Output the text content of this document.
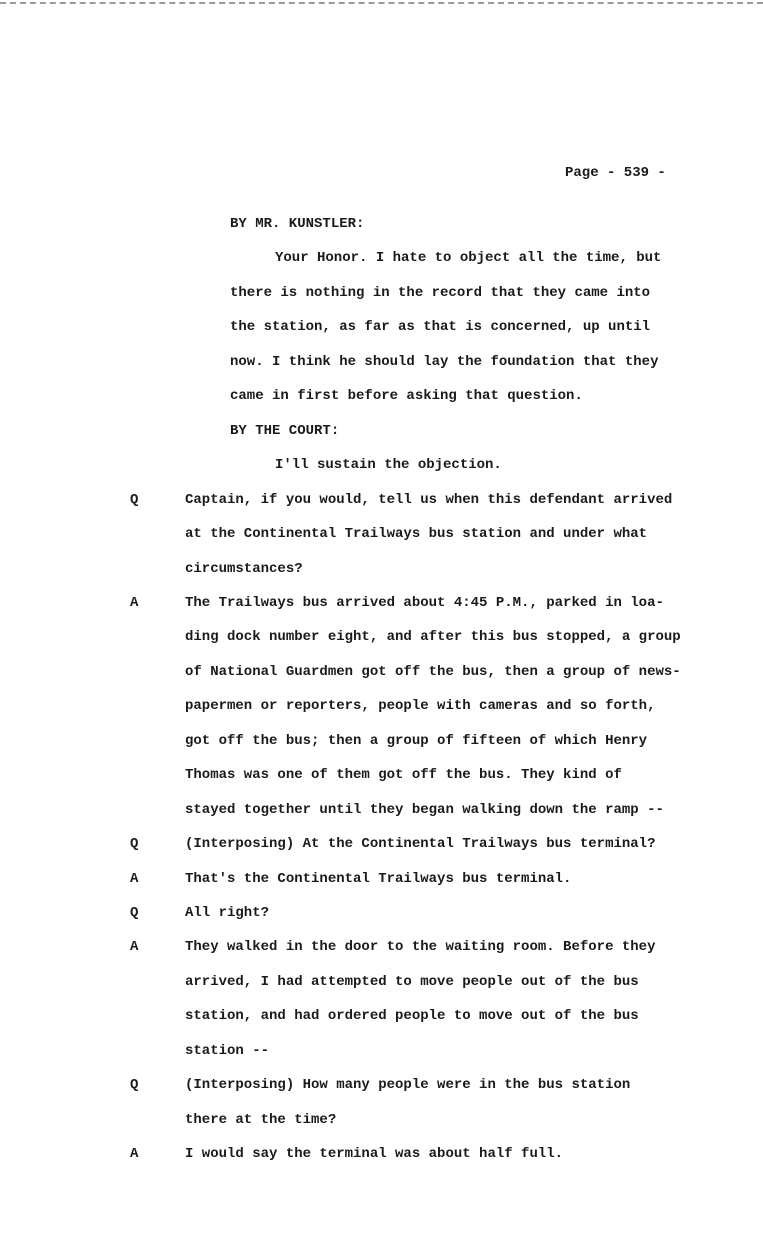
Page - 539 -
BY MR. KUNSTLER:
Your Honor. I hate to object all the time, but
there is nothing in the record that they came into
the station, as far as that is concerned, up until
now. I think he should lay the foundation that they
came in first before asking that question.
BY THE COURT:
I'll sustain the objection.
Q	Captain, if you would, tell us when this defendant arrived
at the Continental Trailways bus station and under what
circumstances?
A	The Trailways bus arrived about 4:45 P.M., parked in loa-
ding dock number eight, and after this bus stopped, a group
of National Guardmen got off the bus, then a group of news-
papermen or reporters, people with cameras and so forth,
got off the bus; then a group of fifteen of which Henry
Thomas was one of them got off the bus. They kind of
stayed together until they began walking down the ramp --
Q	(Interposing) At the Continental Trailways bus terminal?
A	That's the Continental Trailways bus terminal.
Q	All right?
A	They walked in the door to the waiting room. Before they
arrived, I had attempted to move people out of the bus
station, and had ordered people to move out of the bus
station --
Q	(Interposing) How many people were in the bus station
there at the time?
A	I would say the terminal was about half full.
